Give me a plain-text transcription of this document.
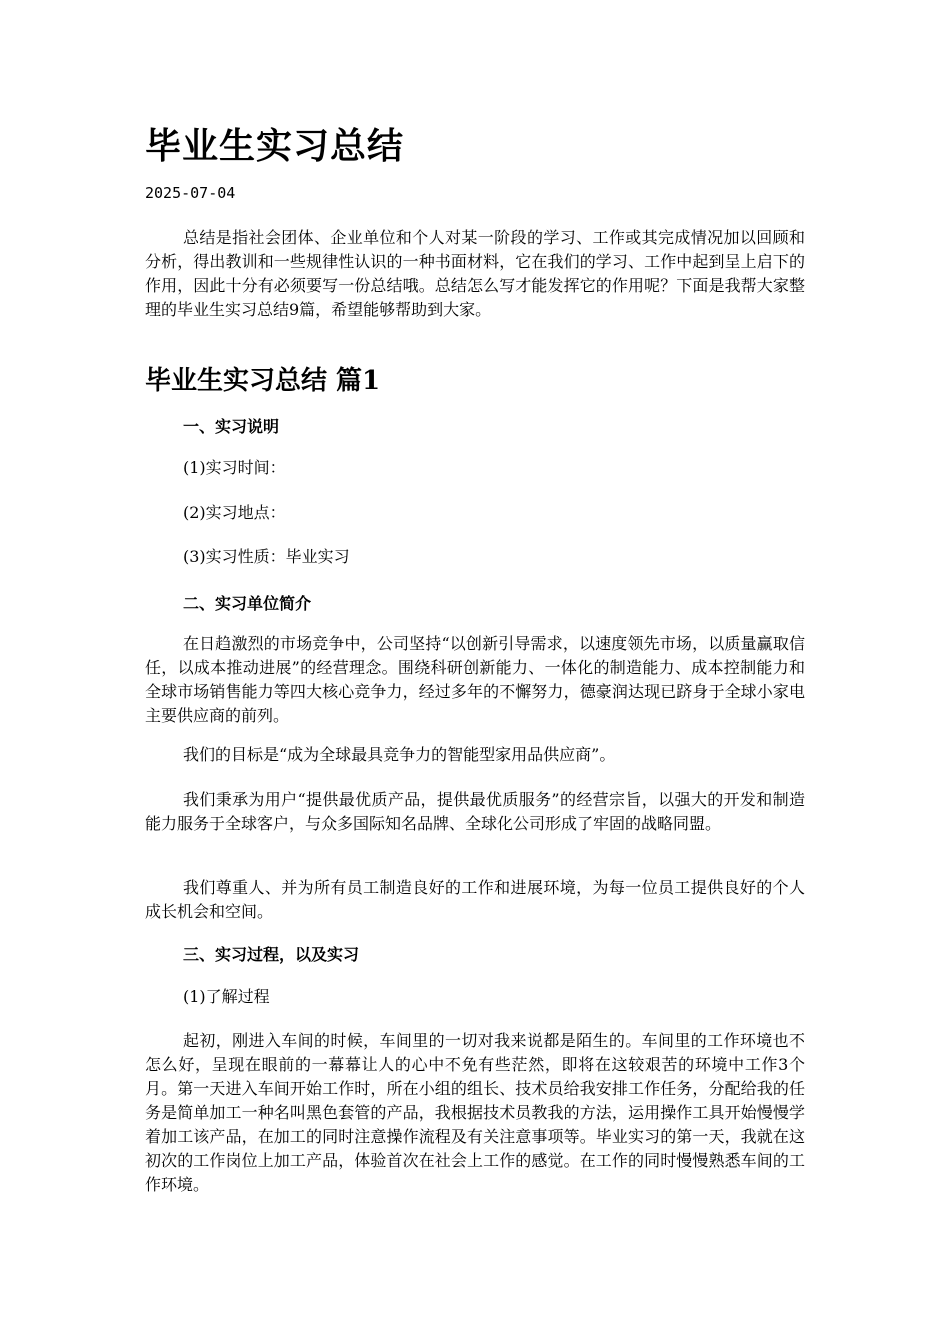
毕业生实习总结
2025-07-04

总结是指社会团体、企业单位和个人对某一阶段的学习、工作或其完成情况加以回顾和分析，得出教训和一些规律性认识的一种书面材料，它在我们的学习、工作中起到呈上启下的作用，因此十分有必须要写一份总结哦。总结怎么写才能发挥它的作用呢？下面是我帮大家整理的毕业生实习总结9篇，希望能够帮助到大家。

毕业生实习总结 篇1
一、实习说明

(1)实习时间：

(2)实习地点：

(3)实习性质：毕业实习

二、实习单位简介

在日趋激烈的市场竞争中，公司坚持“以创新引导需求，以速度领先市场，以质量赢取信任，以成本推动进展”的经营理念。围绕科研创新能力、一体化的制造能力、成本控制能力和全球市场销售能力等四大核心竞争力，经过多年的不懈努力，德豪润达现已跻身于全球小家电主要供应商的前列。

我们的目标是“成为全球最具竞争力的智能型家用品供应商”。

我们秉承为用户“提供最优质产品，提供最优质服务”的经营宗旨，以强大的开发和制造能力服务于全球客户，与众多国际知名品牌、全球化公司形成了牢固的战略同盟。

我们尊重人、并为所有员工制造良好的工作和进展环境，为每一位员工提供良好的个人成长机会和空间。

三、实习过程，以及实习

(1)了解过程

起初，刚进入车间的时候，车间里的一切对我来说都是陌生的。车间里的工作环境也不怎么好，呈现在眼前的一幕幕让人的心中不免有些茫然，即将在这较艰苦的环境中工作3个月。第一天进入车间开始工作时，所在小组的组长、技术员给我安排工作任务，分配给我的任务是简单加工一种名叫黑色套管的产品，我根据技术员教我的方法，运用操作工具开始慢慢学着加工该产品，在加工的同时注意操作流程及有关注意事项等。毕业实习的第一天，我就在这初次的工作岗位上加工产品，体验首次在社会上工作的感觉。在工作的同时慢慢熟悉车间的工作环境。
